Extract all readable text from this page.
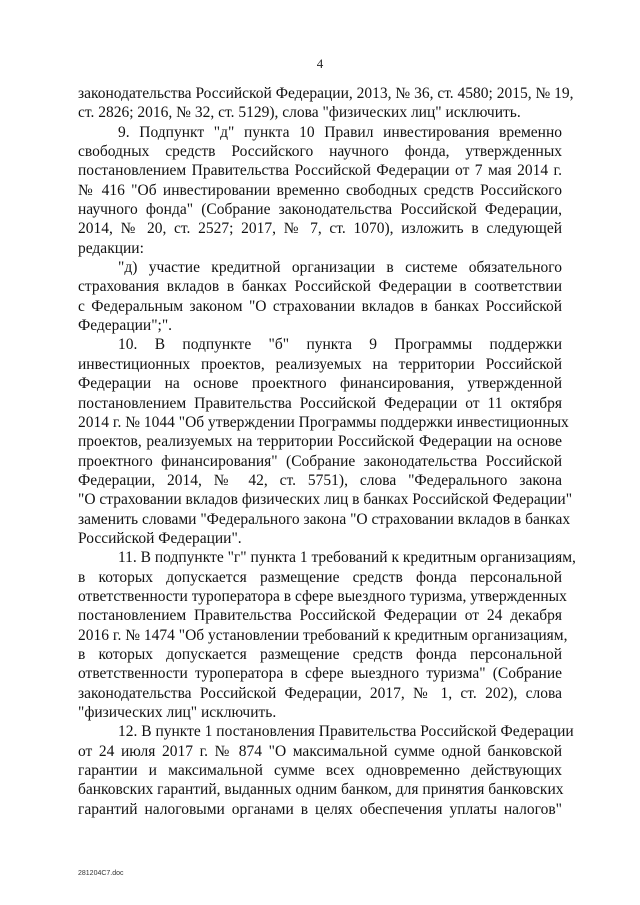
4
законодательства Российской Федерации, 2013, № 36, ст. 4580; 2015, № 19,
ст. 2826; 2016, № 32, ст. 5129), слова "физических лиц" исключить.
9. Подпункт "д" пункта 10 Правил инвестирования временно
свободных средств Российского научного фонда, утвержденных
постановлением Правительства Российской Федерации от 7 мая 2014 г.
№ 416 "Об инвестировании временно свободных средств Российского
научного фонда" (Собрание законодательства Российской Федерации,
2014, № 20, ст. 2527; 2017, № 7, ст. 1070), изложить в следующей
редакции:
"д) участие кредитной организации в системе обязательного
страхования вкладов в банках Российской Федерации в соответствии
с Федеральным законом "О страховании вкладов в банках Российской
Федерации";".
10. В подпункте "б" пункта 9 Программы поддержки
инвестиционных проектов, реализуемых на территории Российской
Федерации на основе проектного финансирования, утвержденной
постановлением Правительства Российской Федерации от 11 октября
2014 г. № 1044 "Об утверждении Программы поддержки инвестиционных
проектов, реализуемых на территории Российской Федерации на основе
проектного финансирования" (Собрание законодательства Российской
Федерации, 2014, № 42, ст. 5751), слова "Федерального закона
"О страховании вкладов физических лиц в банках Российской Федерации"
заменить словами "Федерального закона "О страховании вкладов в банках
Российской Федерации".
11. В подпункте "г" пункта 1 требований к кредитным организациям,
в которых допускается размещение средств фонда персональной
ответственности туроператора в сфере выездного туризма, утвержденных
постановлением Правительства Российской Федерации от 24 декабря
2016 г. № 1474 "Об установлении требований к кредитным организациям,
в которых допускается размещение средств фонда персональной
ответственности туроператора в сфере выездного туризма" (Собрание
законодательства Российской Федерации, 2017, № 1, ст. 202), слова
"физических лиц" исключить.
12. В пункте 1 постановления Правительства Российской Федерации
от 24 июля 2017 г. № 874 "О максимальной сумме одной банковской
гарантии и максимальной сумме всех одновременно действующих
банковских гарантий, выданных одним банком, для принятия банковских
гарантий налоговыми органами в целях обеспечения уплаты налогов"
281204C7.doc
